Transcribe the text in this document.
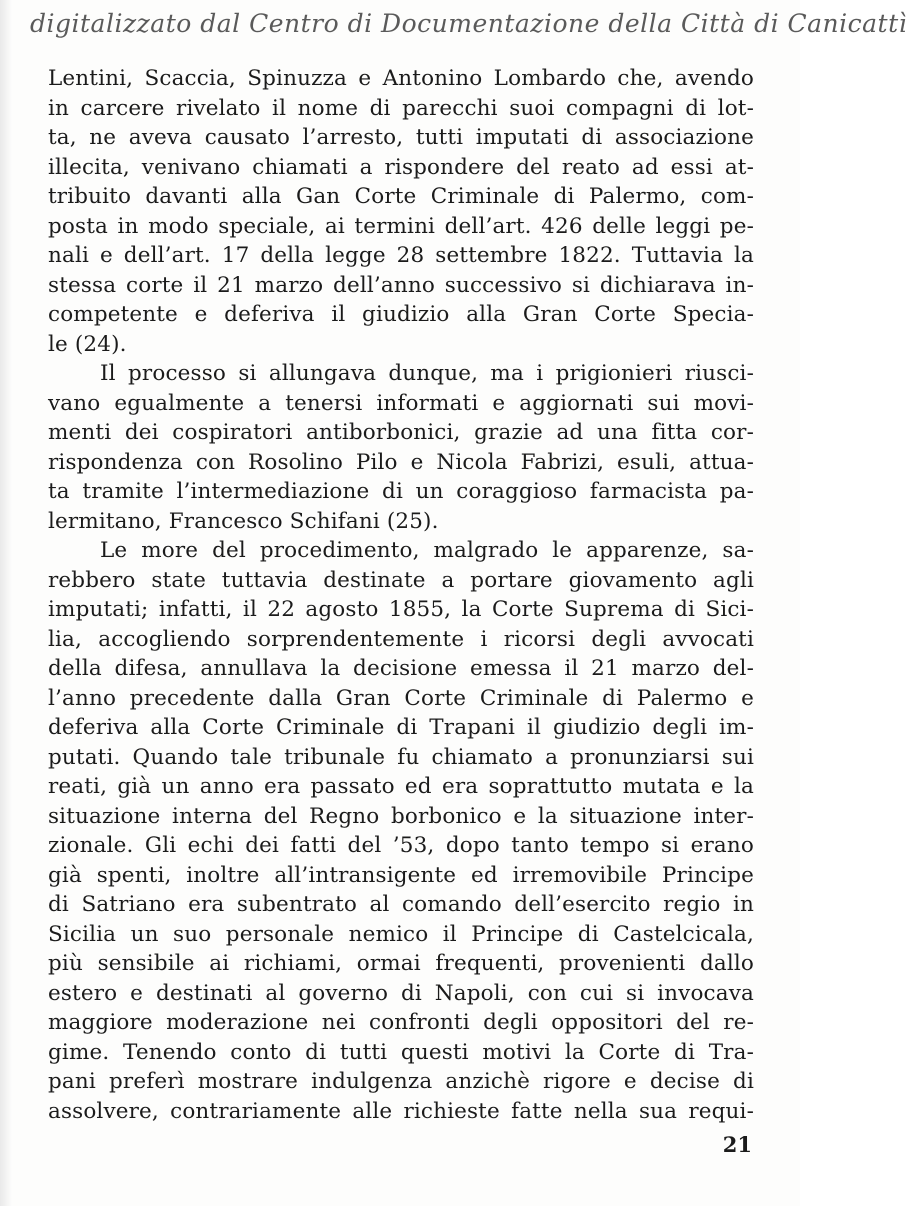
digitalizzato dal Centro di Documentazione della Città di Canicattì
Lentini, Scaccia, Spinuzza e Antonino Lombardo che, avendo
in carcere rivelato il nome di parecchi suoi compagni di lot-
ta, ne aveva causato l’arresto, tutti imputati di associazione
illecita, venivano chiamati a rispondere del reato ad essi at-
tribuito davanti alla Gan Corte Criminale di Palermo, com-
posta in modo speciale, ai termini dell’art. 426 delle leggi pe-
nali e dell’art. 17 della legge 28 settembre 1822. Tuttavia la
stessa corte il 21 marzo dell’anno successivo si dichiarava in-
competente e deferiva il giudizio alla Gran Corte Specia-
le (24).
Il processo si allungava dunque, ma i prigionieri riusci-
vano egualmente a tenersi informati e aggiornati sui movi-
menti dei cospiratori antiborbonici, grazie ad una fitta cor-
rispondenza con Rosolino Pilo e Nicola Fabrizi, esuli, attua-
ta tramite l’intermediazione di un coraggioso farmacista pa-
lermitano, Francesco Schifani (25).
Le more del procedimento, malgrado le apparenze, sa-
rebbero state tuttavia destinate a portare giovamento agli
imputati; infatti, il 22 agosto 1855, la Corte Suprema di Sici-
lia, accogliendo sorprendentemente i ricorsi degli avvocati
della difesa, annullava la decisione emessa il 21 marzo del-
l’anno precedente dalla Gran Corte Criminale di Palermo e
deferiva alla Corte Criminale di Trapani il giudizio degli im-
putati. Quando tale tribunale fu chiamato a pronunziarsi sui
reati, già un anno era passato ed era soprattutto mutata e la
situazione interna del Regno borbonico e la situazione inter-
zionale. Gli echi dei fatti del ’53, dopo tanto tempo si erano
già spenti, inoltre all’intransigente ed irremovibile Principe
di Satriano era subentrato al comando dell’esercito regio in
Sicilia un suo personale nemico il Principe di Castelcicala,
più sensibile ai richiami, ormai frequenti, provenienti dallo
estero e destinati al governo di Napoli, con cui si invocava
maggiore moderazione nei confronti degli oppositori del re-
gime. Tenendo conto di tutti questi motivi la Corte di Tra-
pani preferì mostrare indulgenza anzichè rigore e decise di
assolvere, contrariamente alle richieste fatte nella sua requi-
21
